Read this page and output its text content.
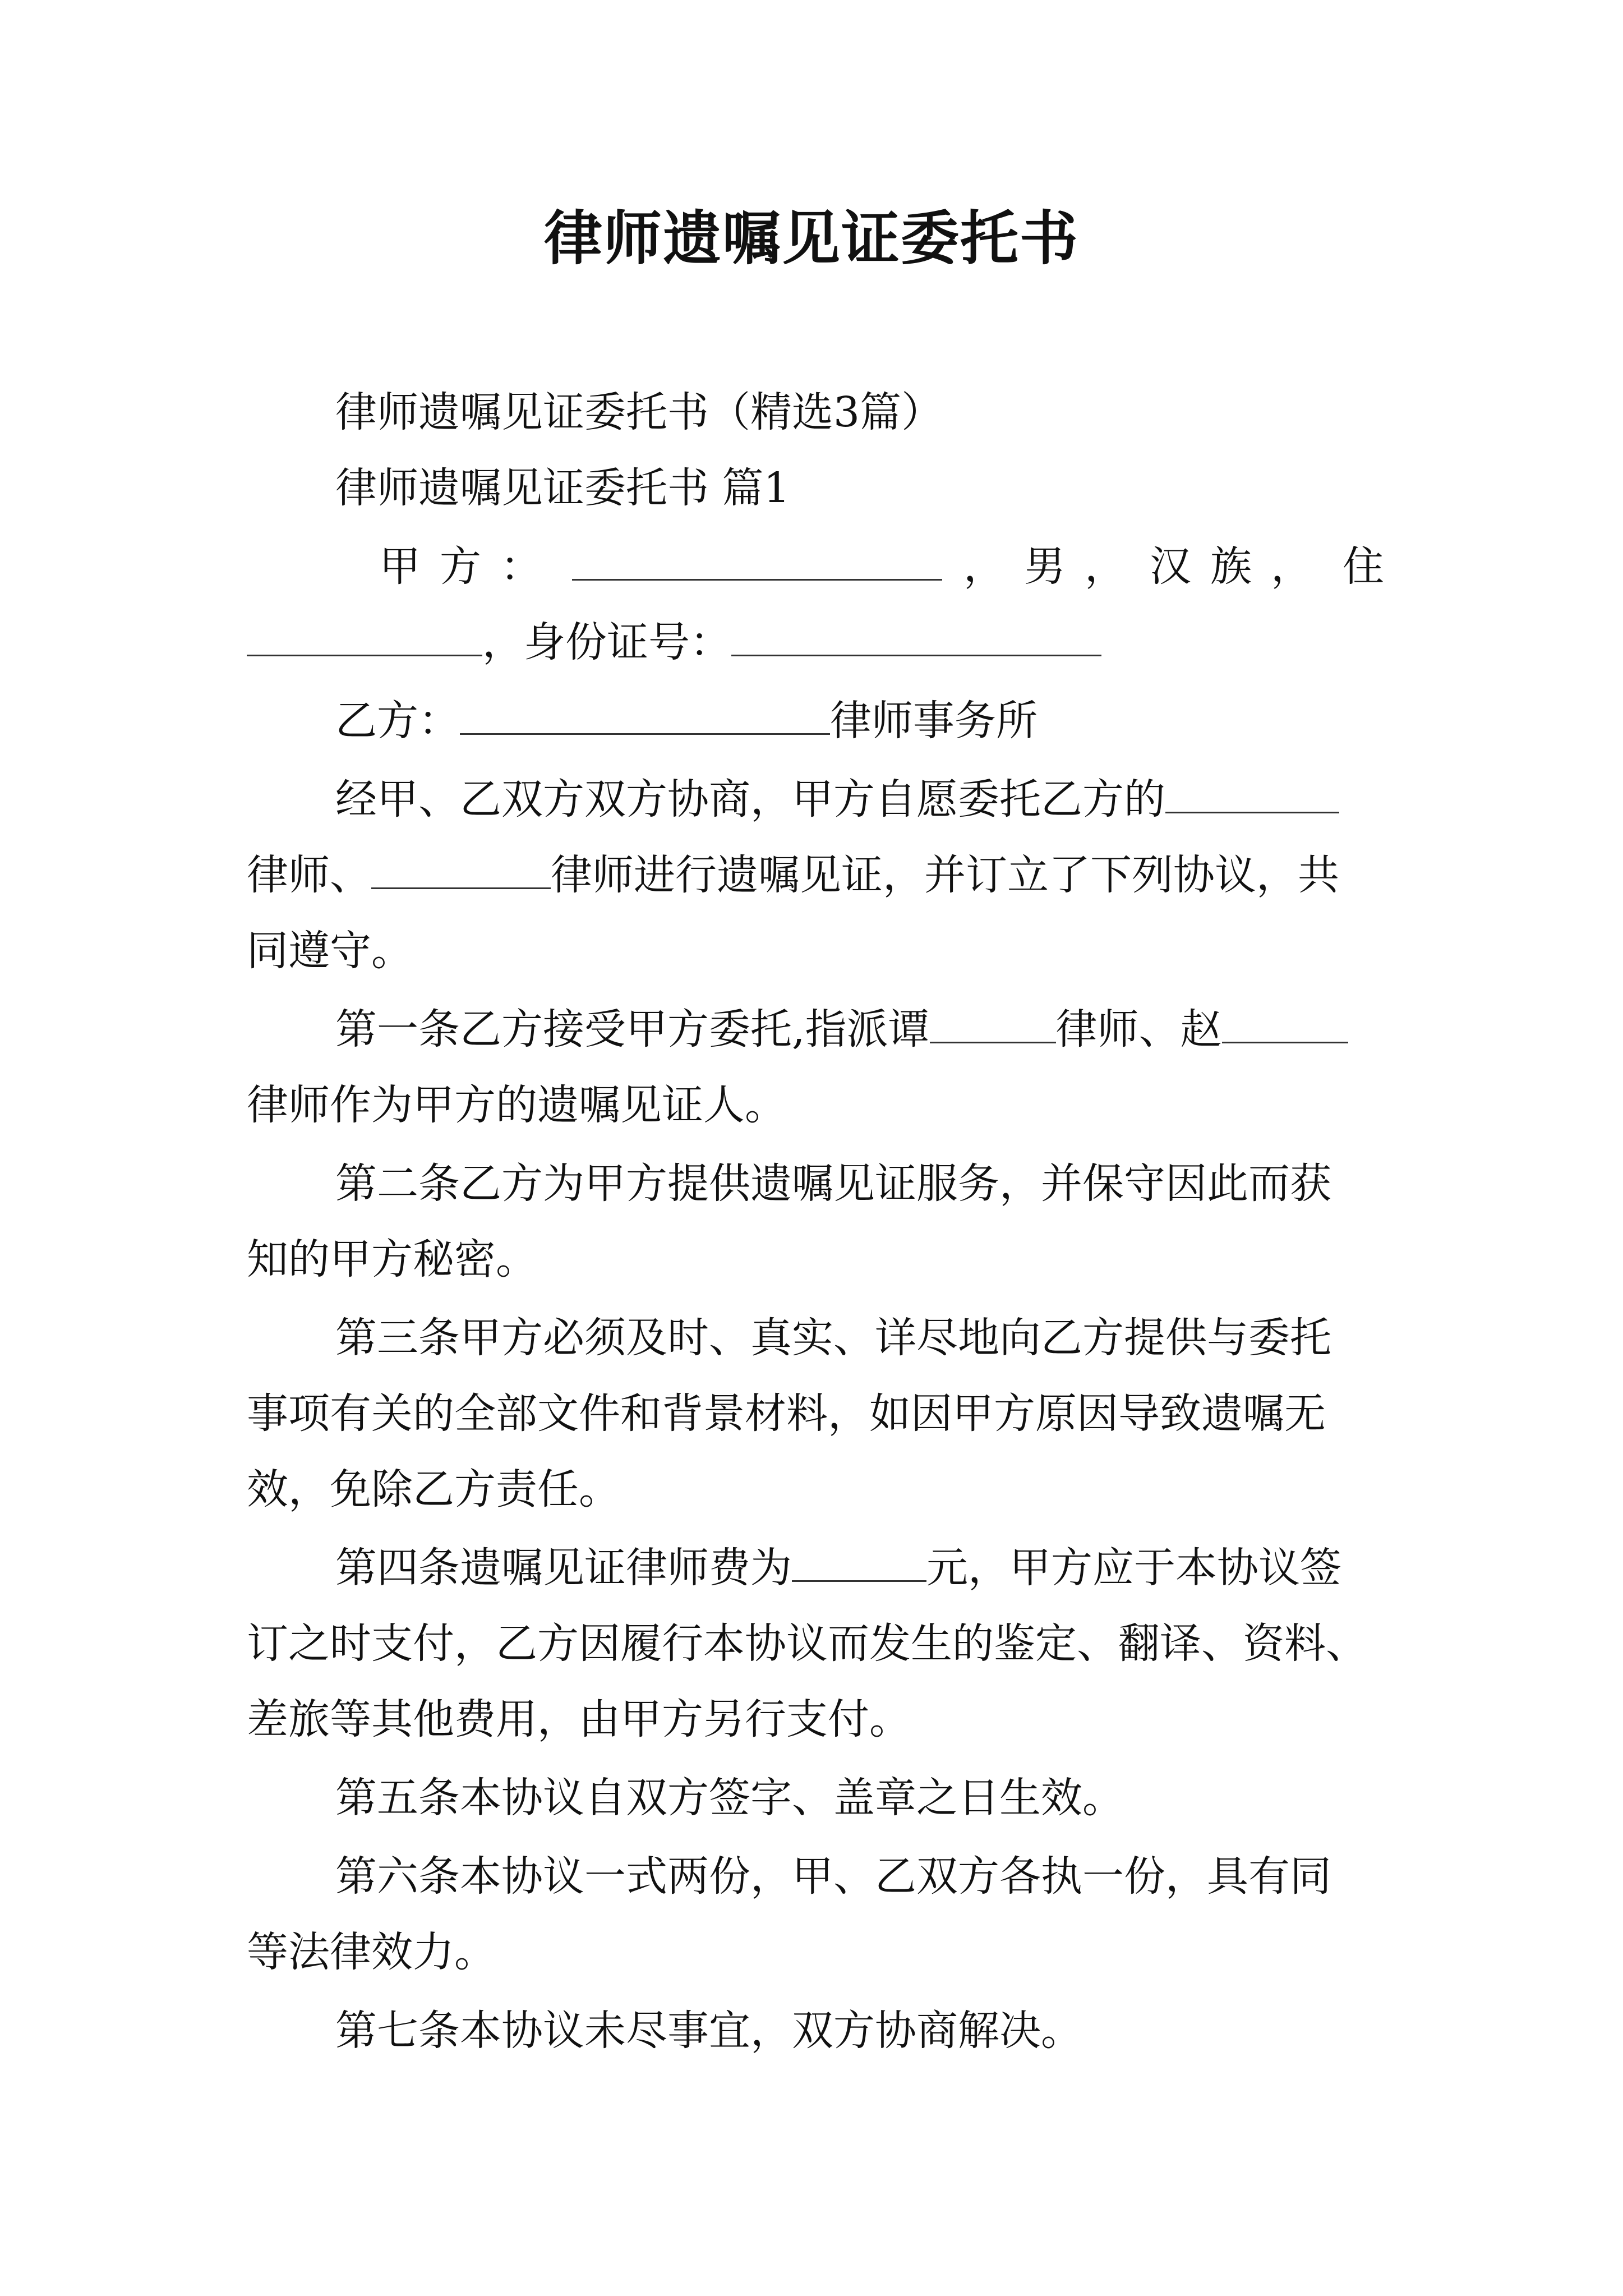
律师遗嘱见证委托书
律师遗嘱见证委托书（精选3篇）
律师遗嘱见证委托书 篇1
甲方：	，男， 汉族， 住
，身份证号：
乙方：	律师事务所
经甲、乙双方双方协商，甲方自愿委托乙方的
律师、	律师进行遗嘱见证，并订立了下列协议，共
同遵守。
第一条乙方接受甲方委托,指派谭	律师、赵
律师作为甲方的遗嘱见证人。
第二条乙方为甲方提供遗嘱见证服务，并保守因此而获
知的甲方秘密。
第三条甲方必须及时、真实、详尽地向乙方提供与委托
事项有关的全部文件和背景材料，如因甲方原因导致遗嘱无
效，免除乙方责任。
第四条遗嘱见证律师费为	元，甲方应于本协议签
订之时支付，乙方因履行本协议而发生的鉴定、翻译、资料、
差旅等其他费用，由甲方另行支付。
第五条本协议自双方签字、盖章之日生效。
第六条本协议一式两份，甲、乙双方各执一份，具有同
等法律效力。
第七条本协议未尽事宜，双方协商解决。
